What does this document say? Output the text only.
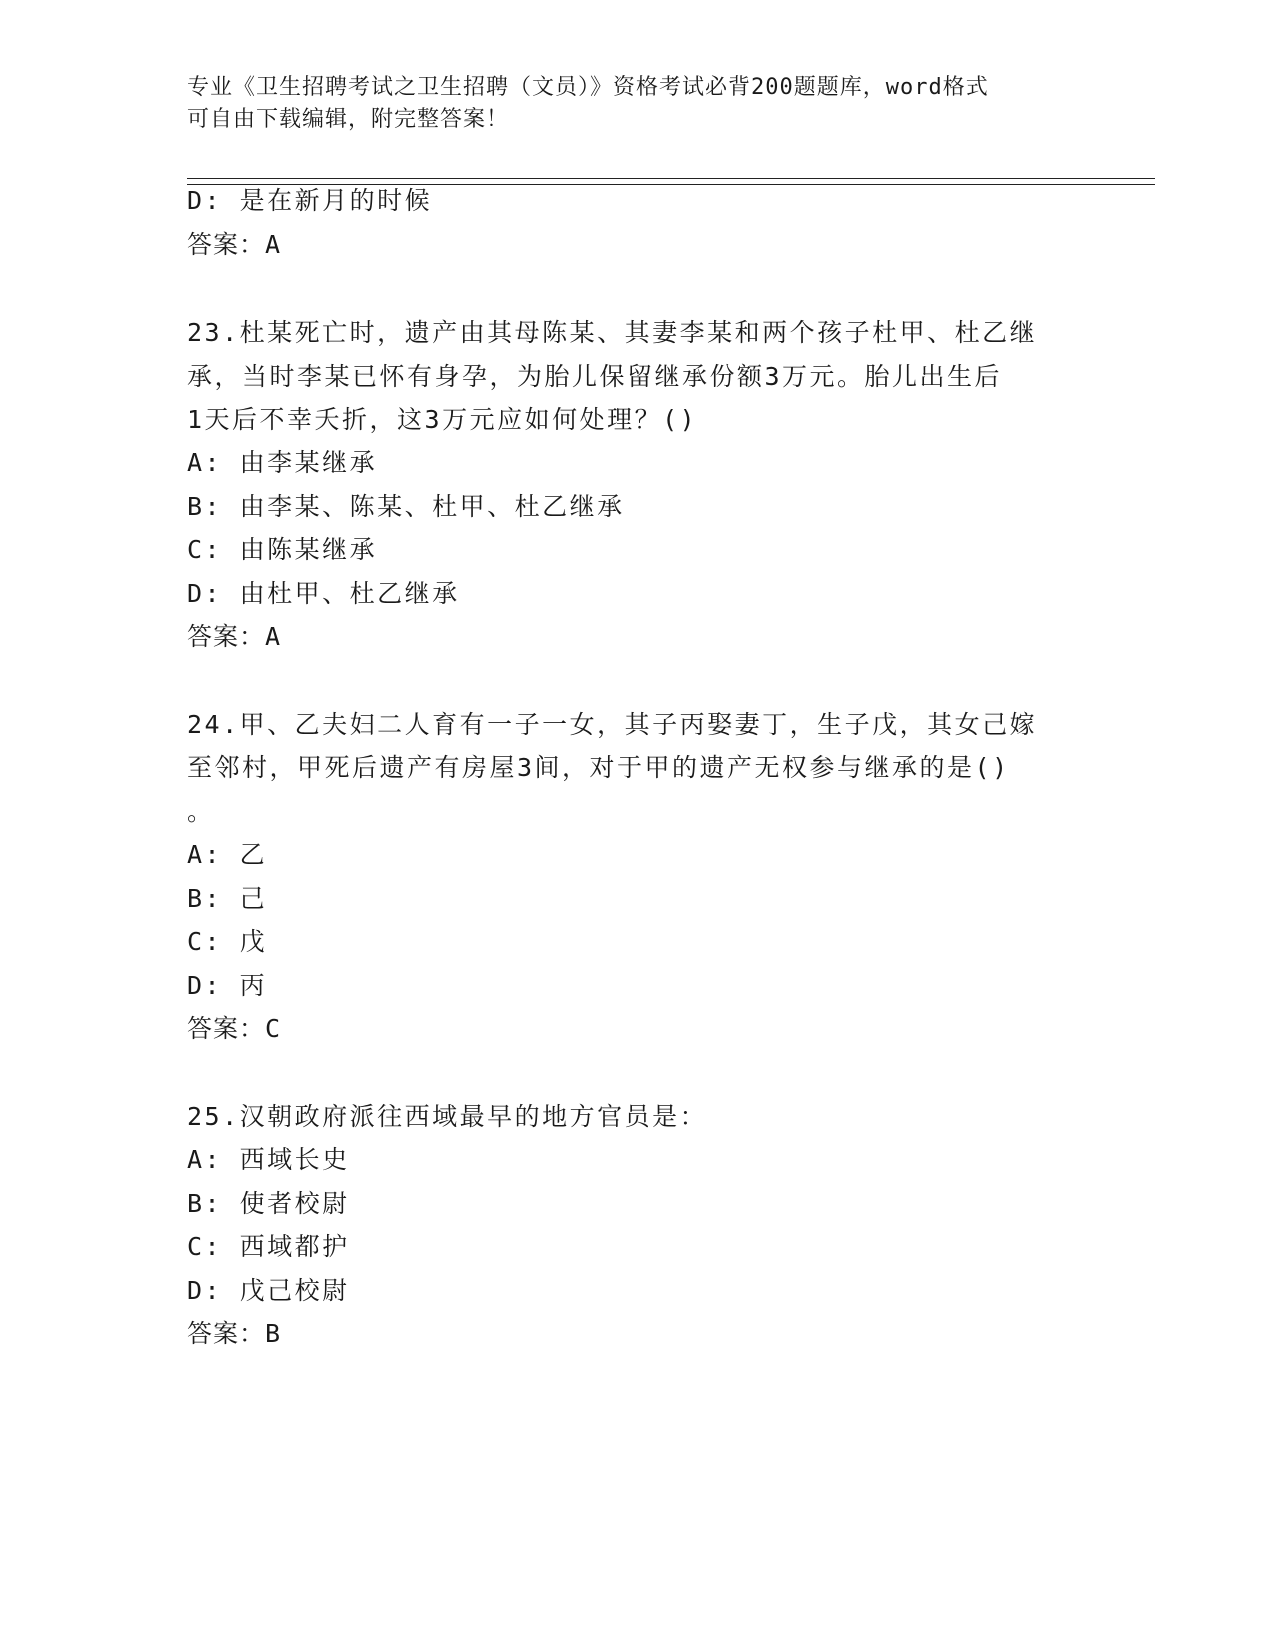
专业《卫生招聘考试之卫生招聘（文员）》资格考试必背200题题库，word格式
可自由下载编辑，附完整答案！
D: 是在新月的时候
答案：A
23.杜某死亡时，遗产由其母陈某、其妻李某和两个孩子杜甲、杜乙继
承，当时李某已怀有身孕，为胎儿保留继承份额3万元。胎儿出生后
1天后不幸夭折，这3万元应如何处理？()
A: 由李某继承
B: 由李某、陈某、杜甲、杜乙继承
C: 由陈某继承
D: 由杜甲、杜乙继承
答案：A
24.甲、乙夫妇二人育有一子一女，其子丙娶妻丁，生子戊，其女己嫁
至邻村，甲死后遗产有房屋3间，对于甲的遗产无权参与继承的是()
。
A: 乙
B: 己
C: 戊
D: 丙
答案：C
25.汉朝政府派往西域最早的地方官员是：
A: 西域长史
B: 使者校尉
C: 西域都护
D: 戊己校尉
答案：B
